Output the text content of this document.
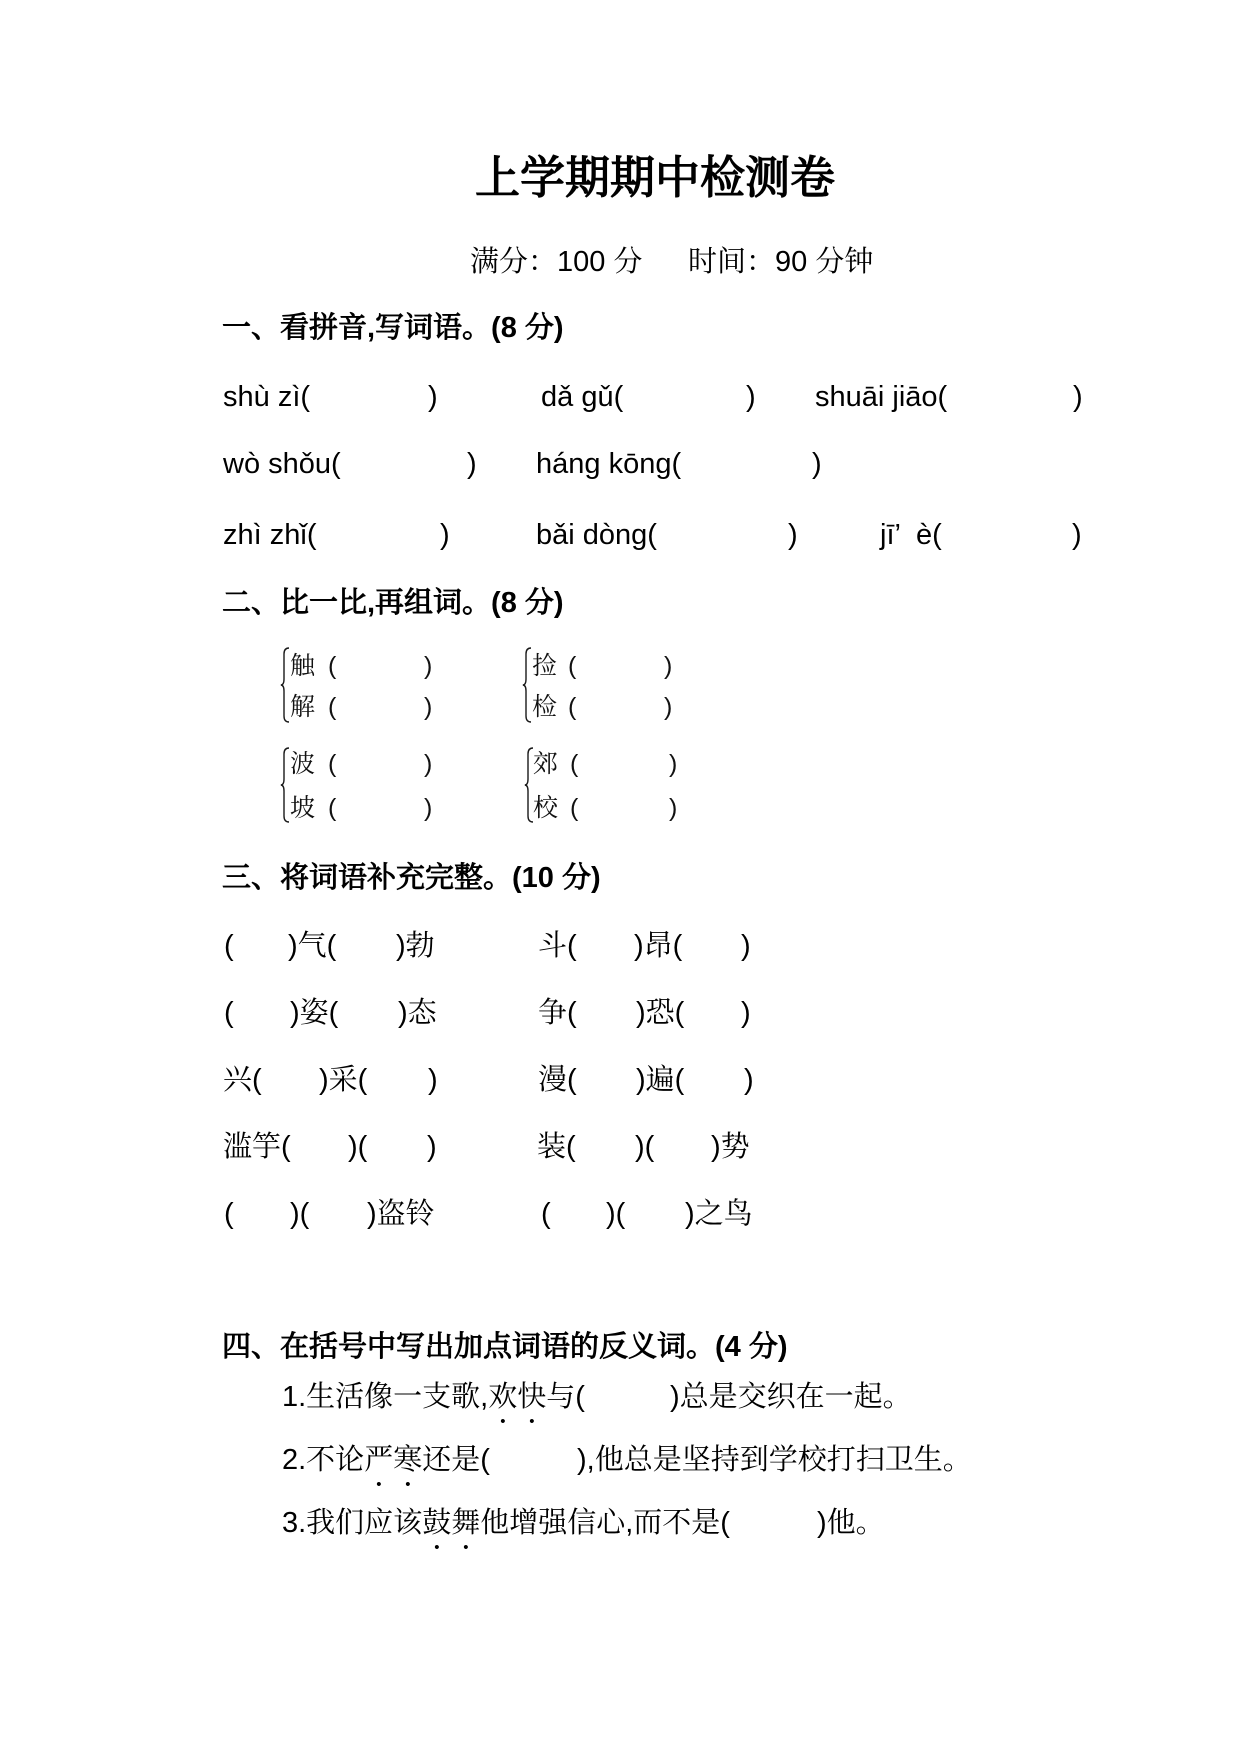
上学期期中检测卷
满分：100 分 时间：90 分钟
一、看拼音,写词语。(8 分)
shù zì(	)	dǎ gǔ(	) shuāi jiāo(	)
wò shǒu(	) háng kōng(	)
zhì zhǐ(	)	bǎi dòng(	)	jī’  è(	)
二、比一比,再组词。(8 分)
触 (	)
解 (	)
捡 (	)
检 (	)
波 (	)
坡 (	)
郊 (	)
校 (	)
三、将词语补充完整。(10 分)
( )气( )勃	斗( )昂( )
( )姿( )态	争( )恐( )
兴( )采( )	漫( )遍( )
滥竽( )( )	装( )( )势
( )( )盗铃	( )( )之鸟
四、在括号中写出加点词语的反义词。(4 分)
1.生活像一支歌,欢快与(	)总是交织在一起。
2.不论严寒还是(	),他总是坚持到学校打扫卫生。
3.我们应该鼓舞他增强信心,而不是(	)他。
